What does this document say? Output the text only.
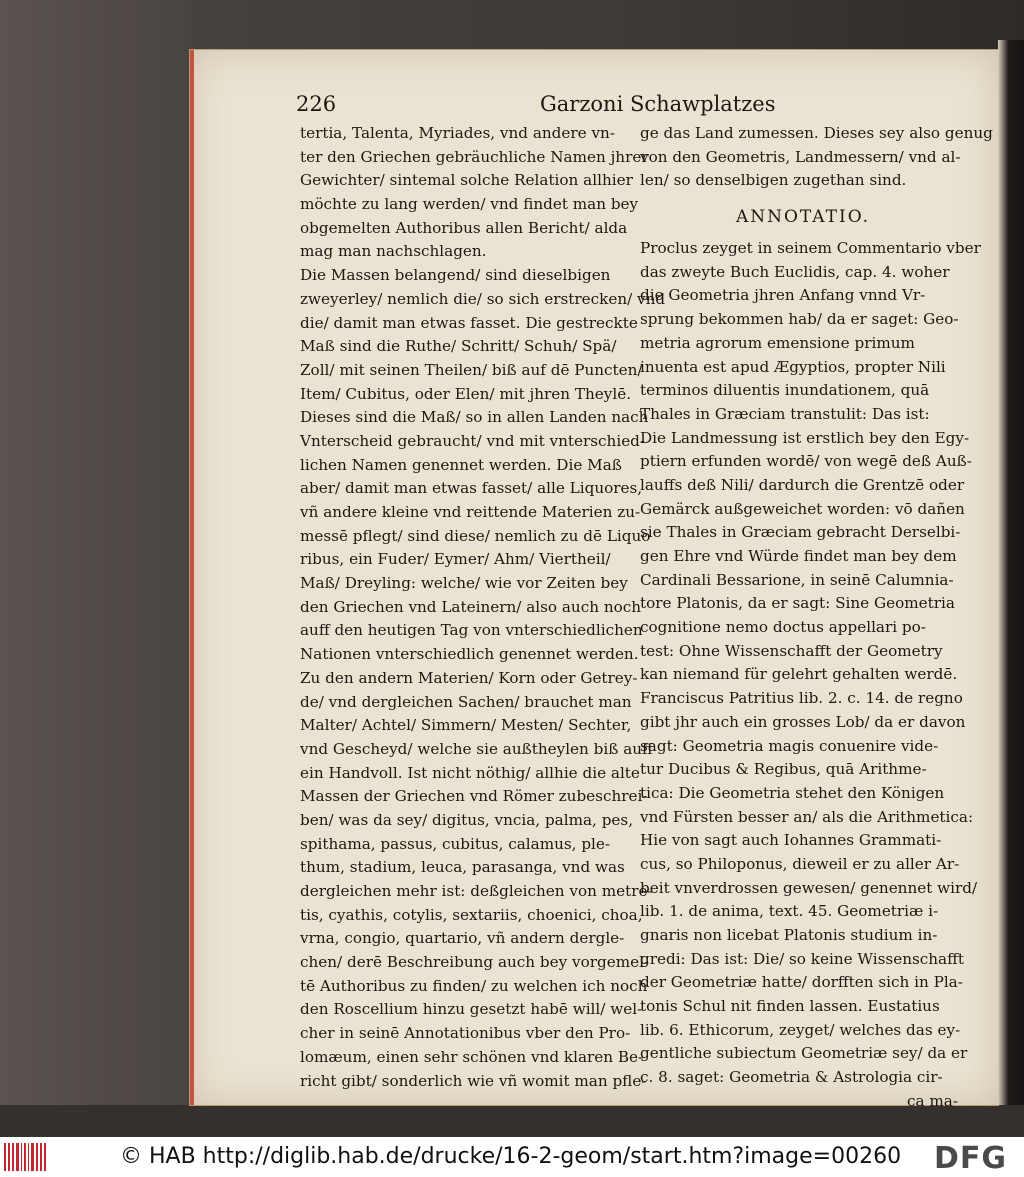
226	Garzoni Schawplatzes
tertia, Talenta, Myriades, vnd andere vn-
ter den Griechen gebräuchliche Namen jhrer
Gewichter/ sintemal solche Relation allhier
möchte zu lang werden/ vnd findet man bey
obgemelten Authoribus allen Bericht/ alda
mag man nachschlagen.
Die Massen belangend/ sind dieselbigen
zweyerley/ nemlich die/ so sich erstrecken/ vnd
die/ damit man etwas fasset. Die gestreckte
Maß sind die Ruthe/ Schritt/ Schuh/ Spä/
Zoll/ mit seinen Theilen/ biß auf dē Puncten/
Item/ Cubitus, oder Elen/ mit jhren Theylē.
Dieses sind die Maß/ so in allen Landen nach
Vnterscheid gebraucht/ vnd mit vnterschied-
lichen Namen genennet werden. Die Maß
aber/ damit man etwas fasset/ alle Liquores,
vñ andere kleine vnd reittende Materien zu-
messē pflegt/ sind diese/ nemlich zu dē Liquo
ribus, ein Fuder/ Eymer/ Ahm/ Viertheil/
Maß/ Dreyling: welche/ wie vor Zeiten bey
den Griechen vnd Lateinern/ also auch noch
auff den heutigen Tag von vnterschiedlichen
Nationen vnterschiedlich genennet werden.
Zu den andern Materien/ Korn oder Getrey-
de/ vnd dergleichen Sachen/ brauchet man
Malter/ Achtel/ Simmern/ Mesten/ Sechter,
vnd Gescheyd/ welche sie außtheylen biß auff
ein Handvoll. Ist nicht nöthig/ allhie die alte
Massen der Griechen vnd Römer zubeschrei-
ben/ was da sey/ digitus, vncia, palma, pes,
spithama, passus, cubitus, calamus, ple-
thum, stadium, leuca, parasanga, vnd was
dergleichen mehr ist: deßgleichen von metre-
tis, cyathis, cotylis, sextariis, choenici, choa,
vrna, congio, quartario, vñ andern dergle-
chen/ derē Beschreibung auch bey vorgemel-
tē Authoribus zu finden/ zu welchen ich noch
den Roscellium hinzu gesetzt habē will/ wel-
cher in seinē Annotationibus vber den Pro-
lomæum, einen sehr schönen vnd klaren Be-
richt gibt/ sonderlich wie vñ womit man pfle-
ge das Land zumessen. Dieses sey also genug
von den Geometris, Landmessern/ vnd al-
len/ so denselbigen zugethan sind.
ANNOTATIO.
Proclus zeyget in seinem Commentario vber
das zweyte Buch Euclidis, cap. 4. woher
die Geometria jhren Anfang vnnd Vr-
sprung bekommen hab/ da er saget: Geo-
metria agrorum emensione primum
inuenta est apud Ægyptios, propter Nili
terminos diluentis inundationem, quā
Thales in Græciam transtulit: Das ist:
Die Landmessung ist erstlich bey den Egy-
ptiern erfunden wordē/ von wegē deß Auß-
lauffs deß Nili/ dardurch die Grentzē oder
Gemärck außgeweichet worden: vō dañen
sie Thales in Græciam gebracht Derselbi-
gen Ehre vnd Würde findet man bey dem
Cardinali Bessarione, in seinē Calumnia-
tore Platonis, da er sagt: Sine Geometria
cognitione nemo doctus appellari po-
test: Ohne Wissenschafft der Geometry
kan niemand für gelehrt gehalten werdē.
Franciscus Patritius lib. 2. c. 14. de regno
gibt jhr auch ein grosses Lob/ da er davon
sagt: Geometria magis conuenire vide-
tur Ducibus & Regibus, quā Arithme-
tica: Die Geometria stehet den Königen
vnd Fürsten besser an/ als die Arithmetica:
Hie von sagt auch Iohannes Grammati-
cus, so Philoponus, dieweil er zu aller Ar-
beit vnverdrossen gewesen/ genennet wird/
lib. 1. de anima, text. 45. Geometriæ i-
gnaris non licebat Platonis studium in-
gredi: Das ist: Die/ so keine Wissenschafft
der Geometriæ hatte/ dorfften sich in Pla-
tonis Schul nit finden lassen. Eustatius
lib. 6. Ethicorum, zeyget/ welches das ey-
gentliche subiectum Geometriæ sey/ da er
c. 8. saget: Geometria & Astrologia cir-
ca ma-
© HAB http://diglib.hab.de/drucke/16-2-geom/start.htm?image=00260 DFG
